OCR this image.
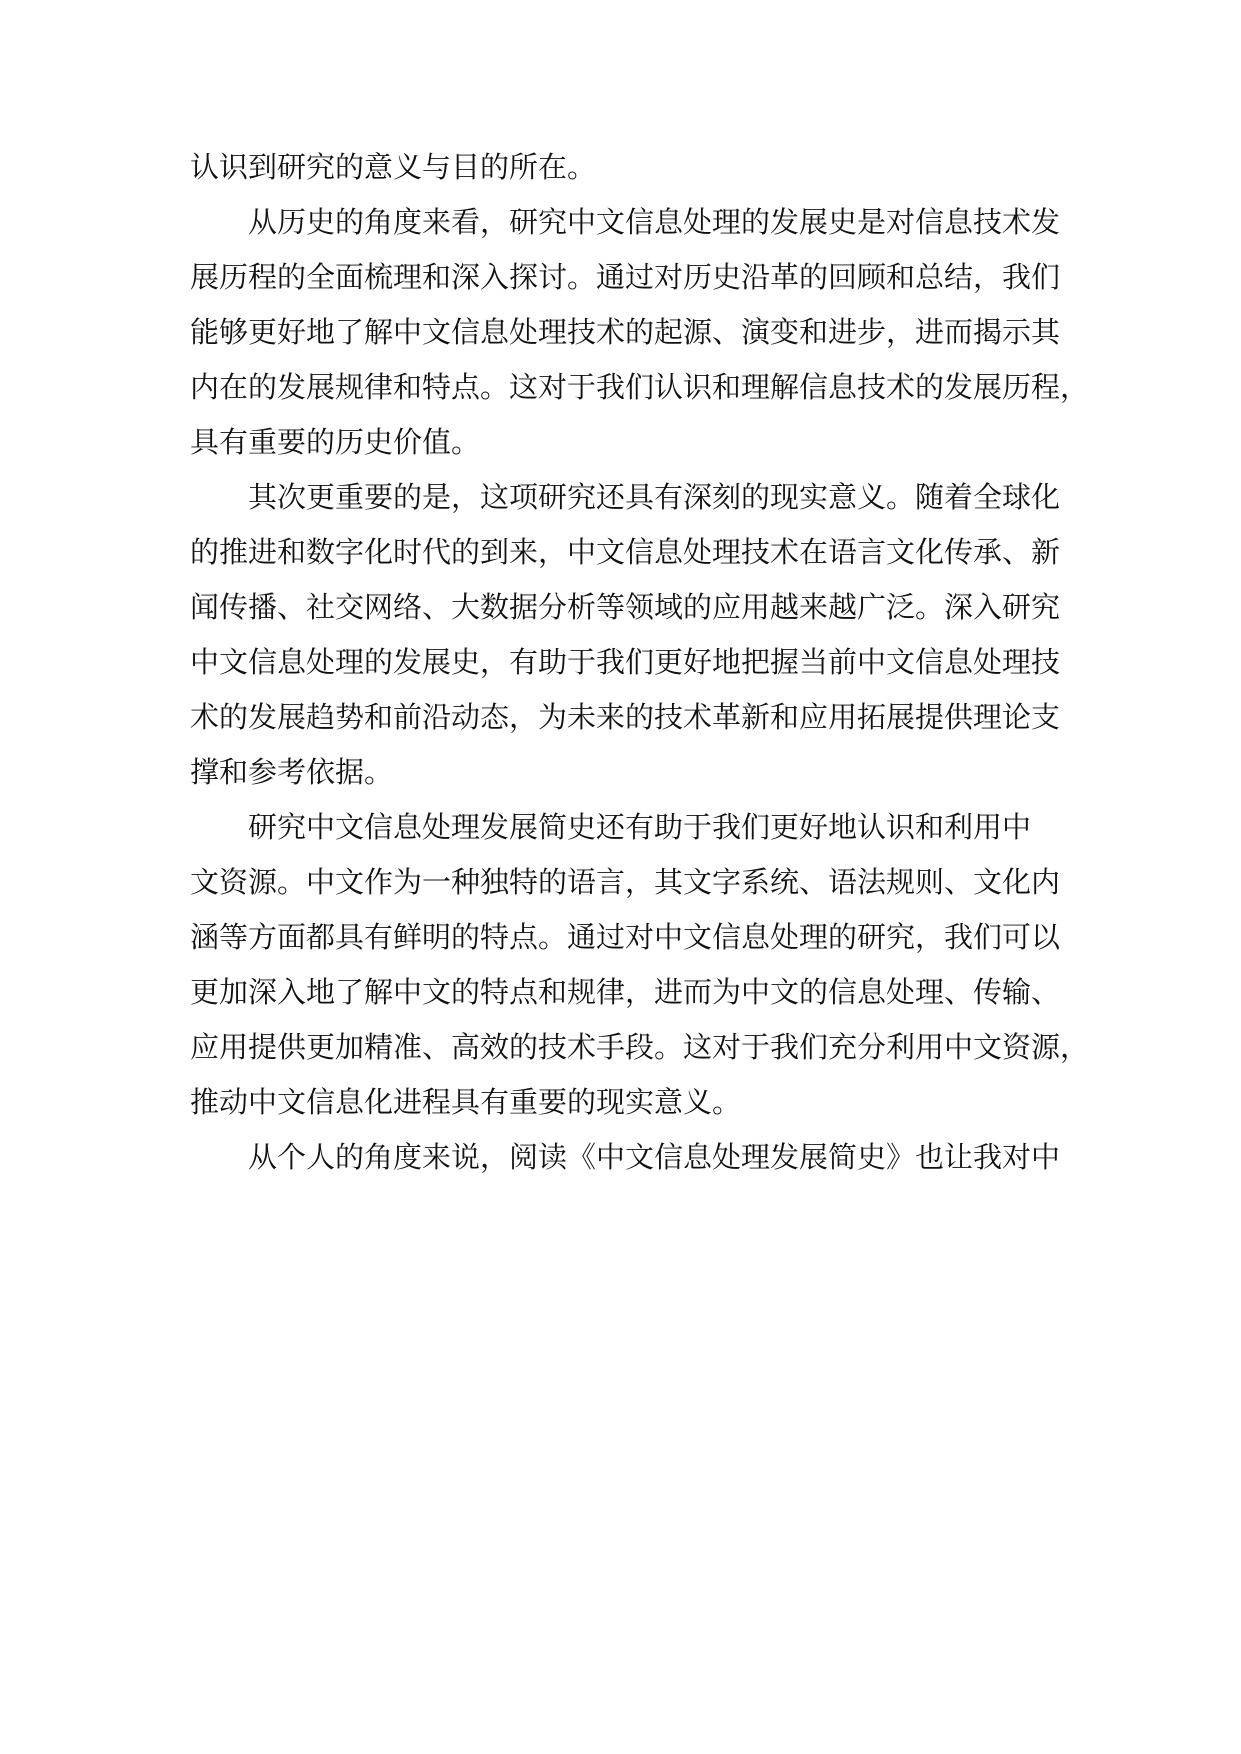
认识到研究的意义与目的所在。
从历史的角度来看，研究中文信息处理的发展史是对信息技术发
展历程的全面梳理和深入探讨。通过对历史沿革的回顾和总结，我们
能够更好地了解中文信息处理技术的起源、演变和进步，进而揭示其
内在的发展规律和特点。这对于我们认识和理解信息技术的发展历程，
具有重要的历史价值。
其次更重要的是，这项研究还具有深刻的现实意义。随着全球化
的推进和数字化时代的到来，中文信息处理技术在语言文化传承、新
闻传播、社交网络、大数据分析等领域的应用越来越广泛。深入研究
中文信息处理的发展史，有助于我们更好地把握当前中文信息处理技
术的发展趋势和前沿动态，为未来的技术革新和应用拓展提供理论支
撑和参考依据。
研究中文信息处理发展简史还有助于我们更好地认识和利用中
文资源。中文作为一种独特的语言，其文字系统、语法规则、文化内
涵等方面都具有鲜明的特点。通过对中文信息处理的研究，我们可以
更加深入地了解中文的特点和规律，进而为中文的信息处理、传输、
应用提供更加精准、高效的技术手段。这对于我们充分利用中文资源，
推动中文信息化进程具有重要的现实意义。
从个人的角度来说，阅读《中文信息处理发展简史》也让我对中
